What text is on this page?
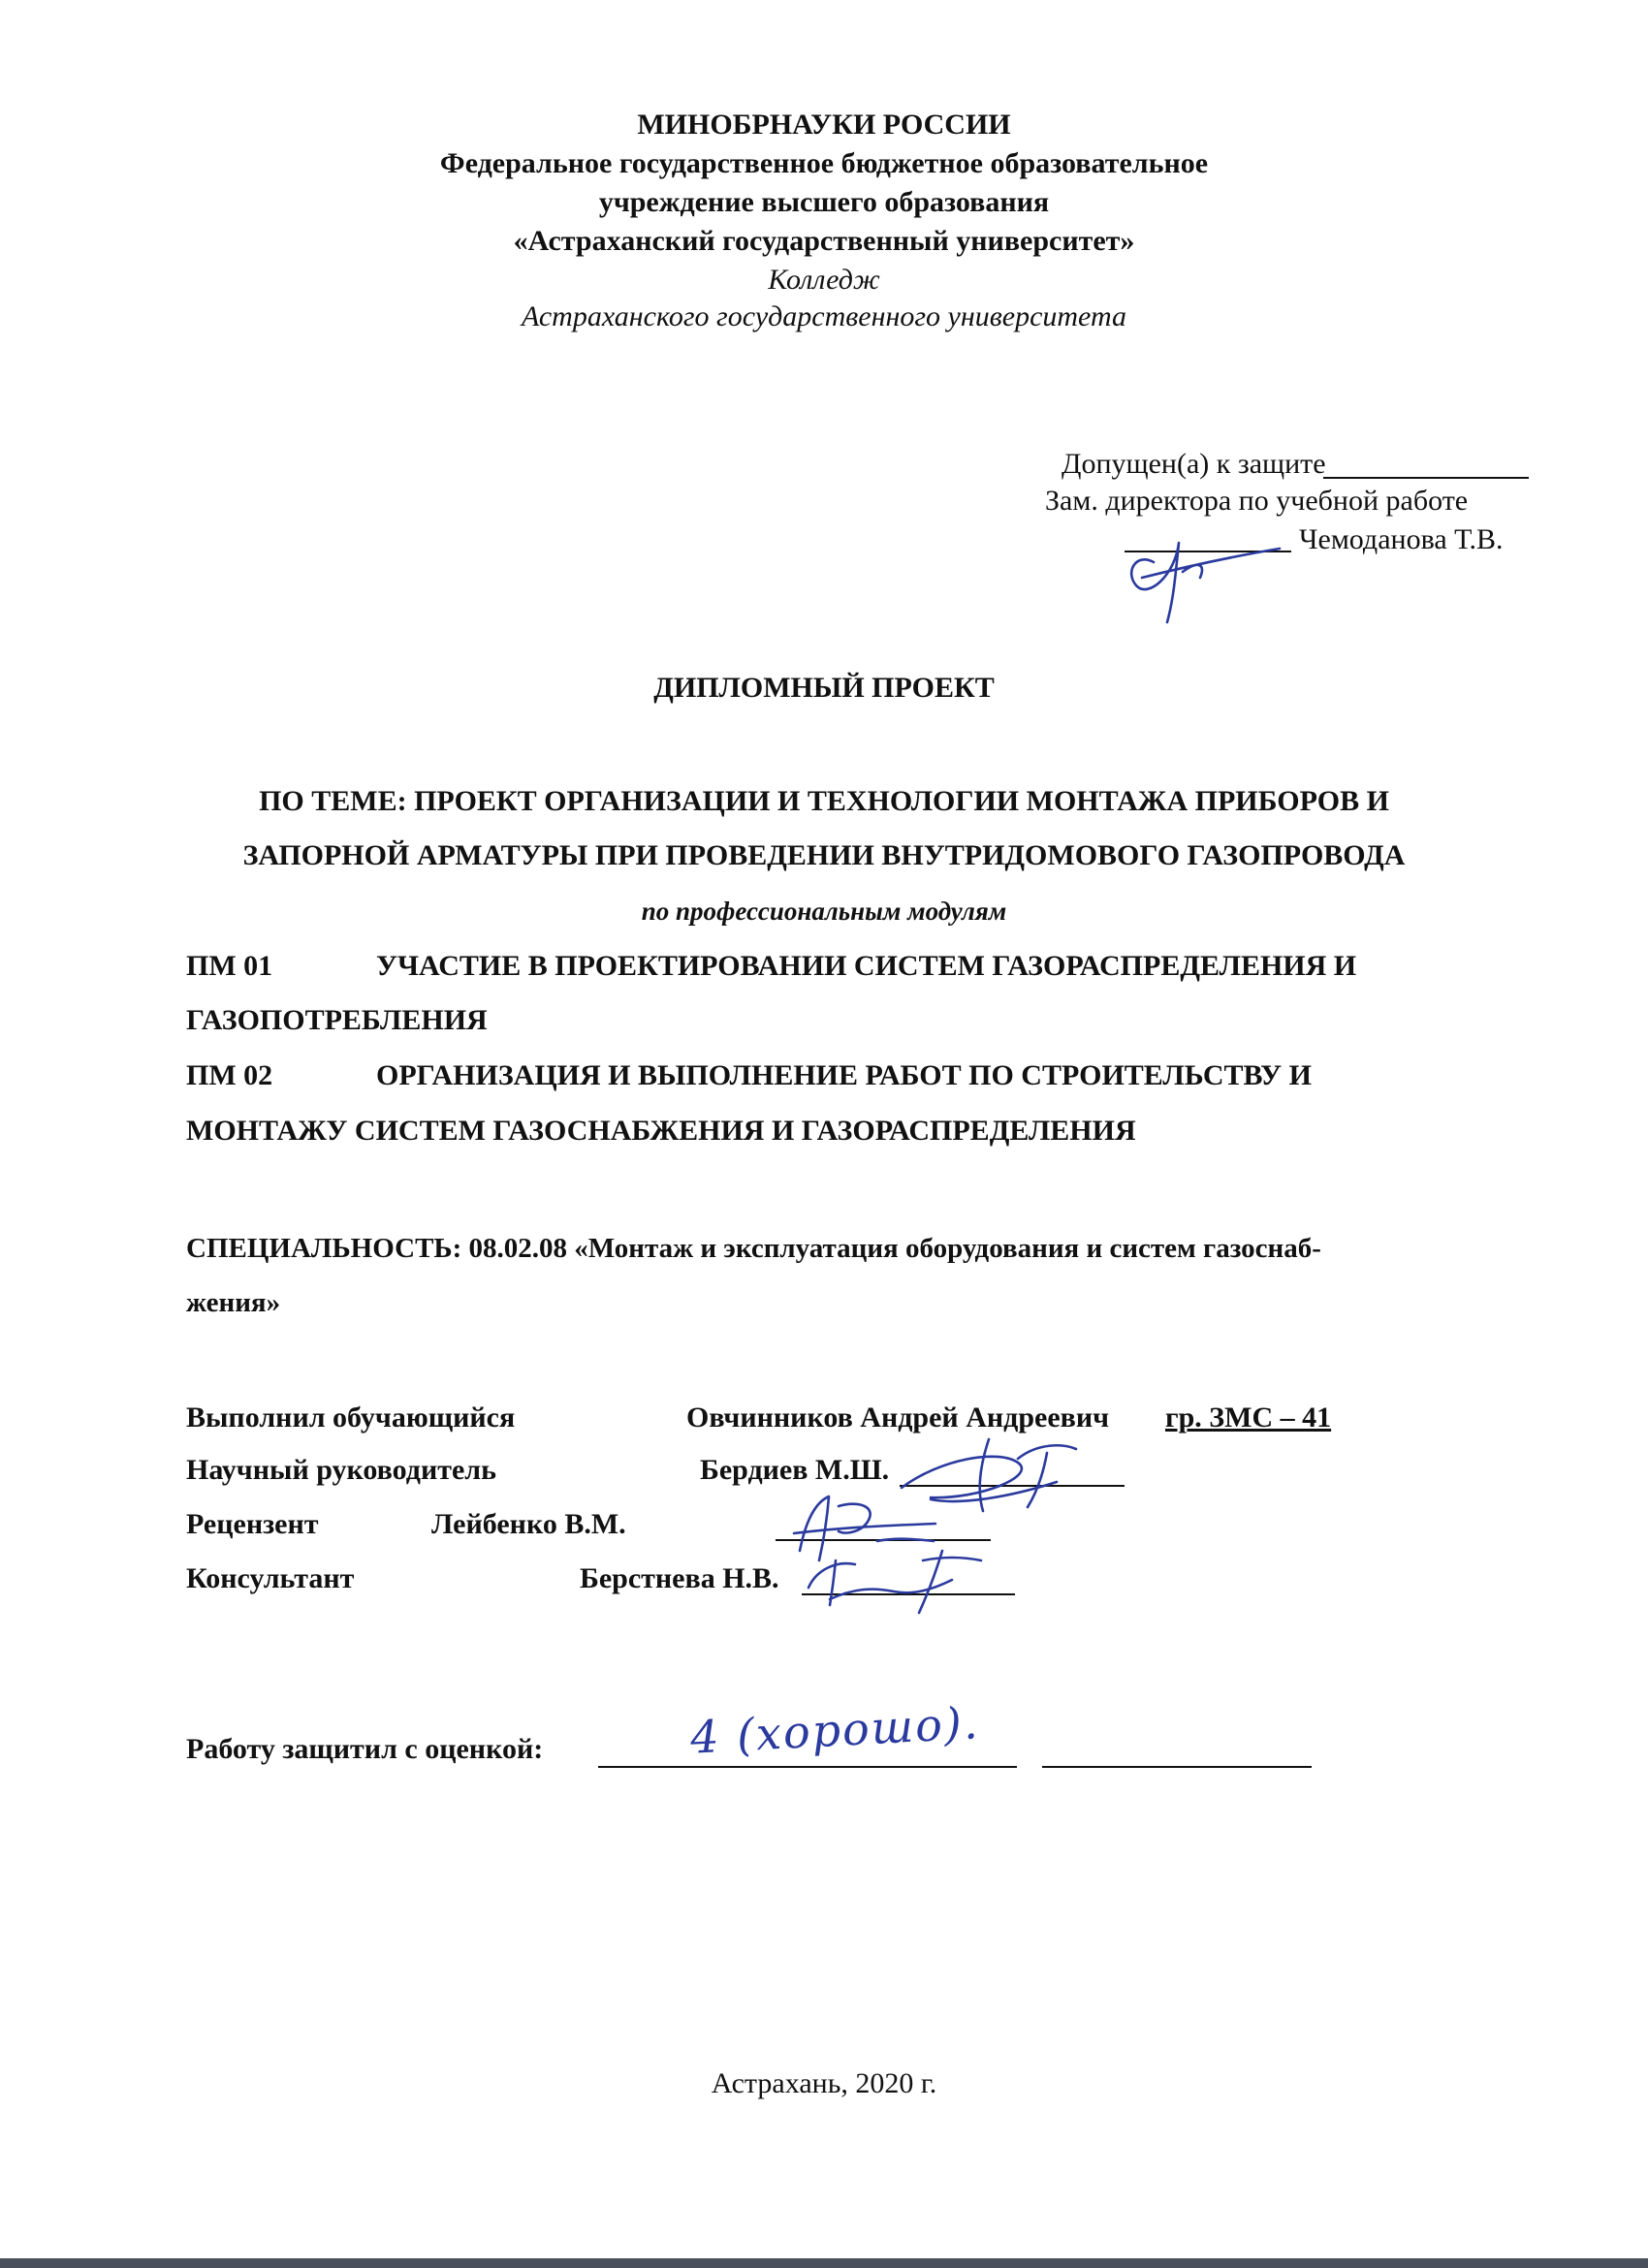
МИНОБРНАУКИ РОССИИ
Федеральное государственное бюджетное образовательное
учреждение высшего образования
«Астраханский государственный университет»
Колледж
Астраханского государственного университета
Допущен(а) к защите
Зам. директора по учебной работе
Чемоданова Т.В.
ДИПЛОМНЫЙ ПРОЕКТ
ПО ТЕМЕ: ПРОЕКТ ОРГАНИЗАЦИИ И ТЕХНОЛОГИИ МОНТАЖА ПРИБОРОВ И
ЗАПОРНОЙ АРМАТУРЫ ПРИ ПРОВЕДЕНИИ ВНУТРИДОМОВОГО ГАЗОПРОВОДА
по профессиональным модулям
ПМ 01	УЧАСТИЕ В ПРОЕКТИРОВАНИИ СИСТЕМ ГАЗОРАСПРЕДЕЛЕНИЯ И
ГАЗОПОТРЕБЛЕНИЯ
ПМ 02	ОРГАНИЗАЦИЯ И ВЫПОЛНЕНИЕ РАБОТ ПО СТРОИТЕЛЬСТВУ И
МОНТАЖУ СИСТЕМ ГАЗОСНАБЖЕНИЯ И ГАЗОРАСПРЕДЕЛЕНИЯ
СПЕЦИАЛЬНОСТЬ: 08.02.08 «Монтаж и эксплуатация оборудования и систем газоснаб-
жения»
Выполнил обучающийся	Овчинников Андрей Андреевич гр. ЗМС – 41
Научный руководитель	Бердиев М.Ш.
Рецензент	Лейбенко В.М.
Консультант	Берстнева Н.В.
Работу защитил с оценкой:	4 (хорошо).
Астрахань, 2020 г.
